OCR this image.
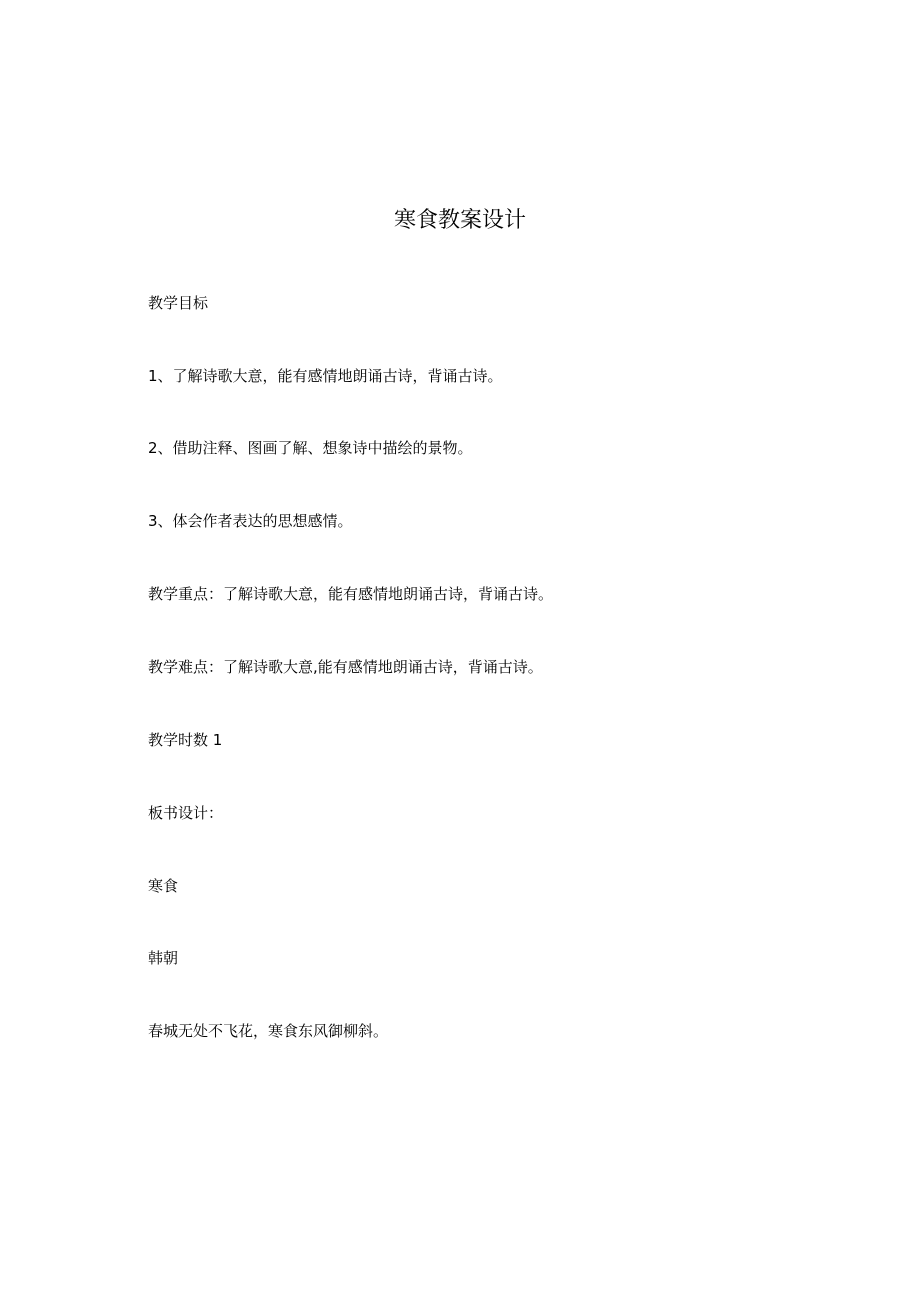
寒食教案设计

教学目标

1、了解诗歌大意，能有感情地朗诵古诗，背诵古诗。

2、借助注释、图画了解、想象诗中描绘的景物。

3、体会作者表达的思想感情。

教学重点：了解诗歌大意，能有感情地朗诵古诗，背诵古诗。

教学难点：了解诗歌大意,能有感情地朗诵古诗，背诵古诗。

教学时数 1

板书设计：

寒食

韩朝

春城无处不飞花，寒食东风御柳斜。
